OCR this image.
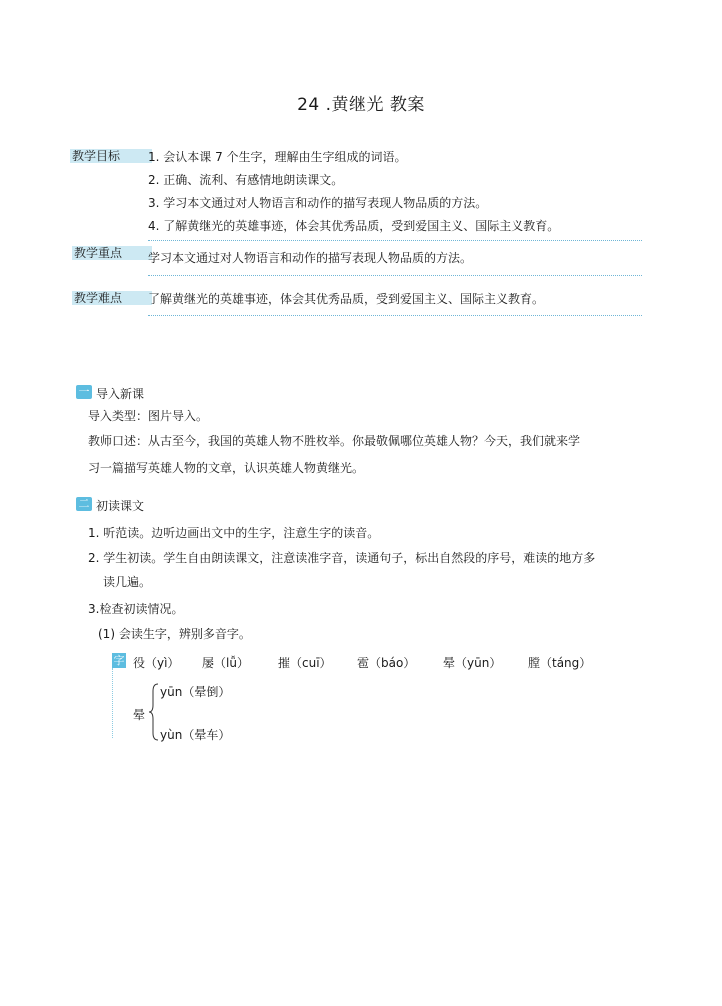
24 .黄继光 教案
教学目标	1. 会认本课 7 个生字，理解由生字组成的词语。
2. 正确、流利、有感情地朗读课文。
3. 学习本文通过对人物语言和动作的描写表现人物品质的方法。
4. 了解黄继光的英雄事迹，体会其优秀品质，受到爱国主义、国际主义教育。
教学重点	学习本文通过对人物语言和动作的描写表现人物品质的方法。
教学难点	了解黄继光的英雄事迹，体会其优秀品质，受到爱国主义、国际主义教育。
一 导入新课
导入类型：图片导入。
教师口述：从古至今，我国的英雄人物不胜枚举。你最敬佩哪位英雄人物？今天，我们就来学
习一篇描写英雄人物的文章，认识英雄人物黄继光。
二 初读课文
1. 听范读。边听边画出文中的生字，注意生字的读音。
2. 学生初读。学生自由朗读课文，注意读准字音，读通句子，标出自然段的序号，难读的地方多
读几遍。
3.检查初读情况。
(1) 会读生字，辨别多音字。
字 役（yì） 屡（lǚ） 摧（cuī） 雹（báo） 晕（yūn） 膛（táng）
晕
yūn（晕倒）
yùn（晕车）
